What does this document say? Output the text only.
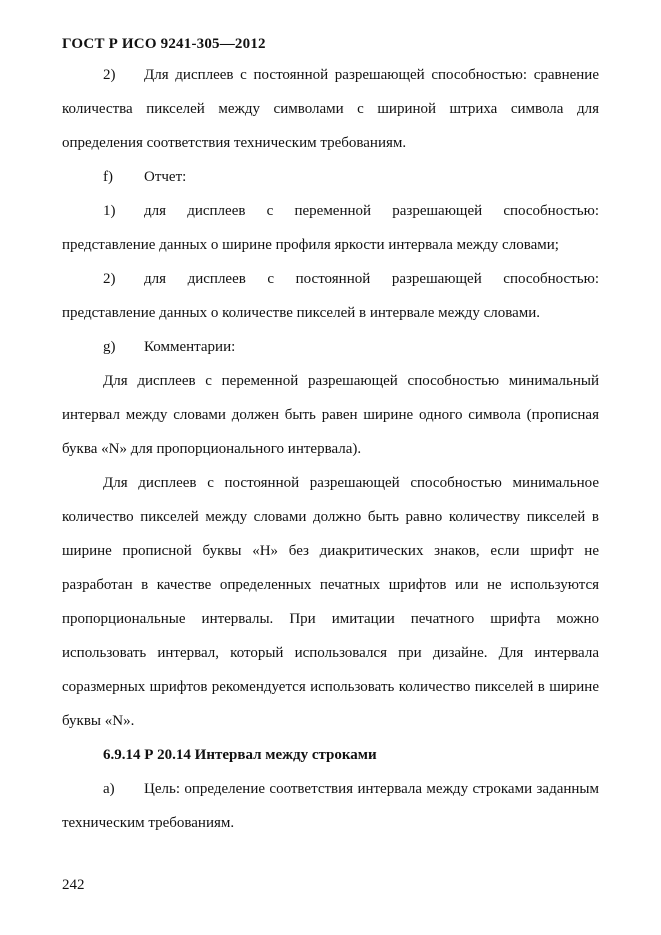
ГОСТ Р ИСО 9241-305—2012

2) Для дисплеев с постоянной разрешающей способностью: сравнение количества пикселей между символами с шириной штриха символа для определения соответствия техническим требованиям.

f) Отчет:

1) для дисплеев с переменной разрешающей способностью: представление данных о ширине профиля яркости интервала между словами;

2) для дисплеев с постоянной разрешающей способностью: представление данных о количестве пикселей в интервале между словами.

g) Комментарии:

Для дисплеев с переменной разрешающей способностью минимальный интервал между словами должен быть равен ширине одного символа (прописная буква «N» для пропорционального интервала).

Для дисплеев с постоянной разрешающей способностью минимальное количество пикселей между словами должно быть равно количеству пикселей в ширине прописной буквы «H» без диакритических знаков, если шрифт не разработан в качестве определенных печатных шрифтов или не используются пропорциональные интервалы. При имитации печатного шрифта можно использовать интервал, который использовался при дизайне. Для интервала соразмерных шрифтов рекомендуется использовать количество пикселей в ширине буквы «N».

6.9.14 Р 20.14 Интервал между строками

а) Цель: определение соответствия интервала между строками заданным техническим требованиям.

242
